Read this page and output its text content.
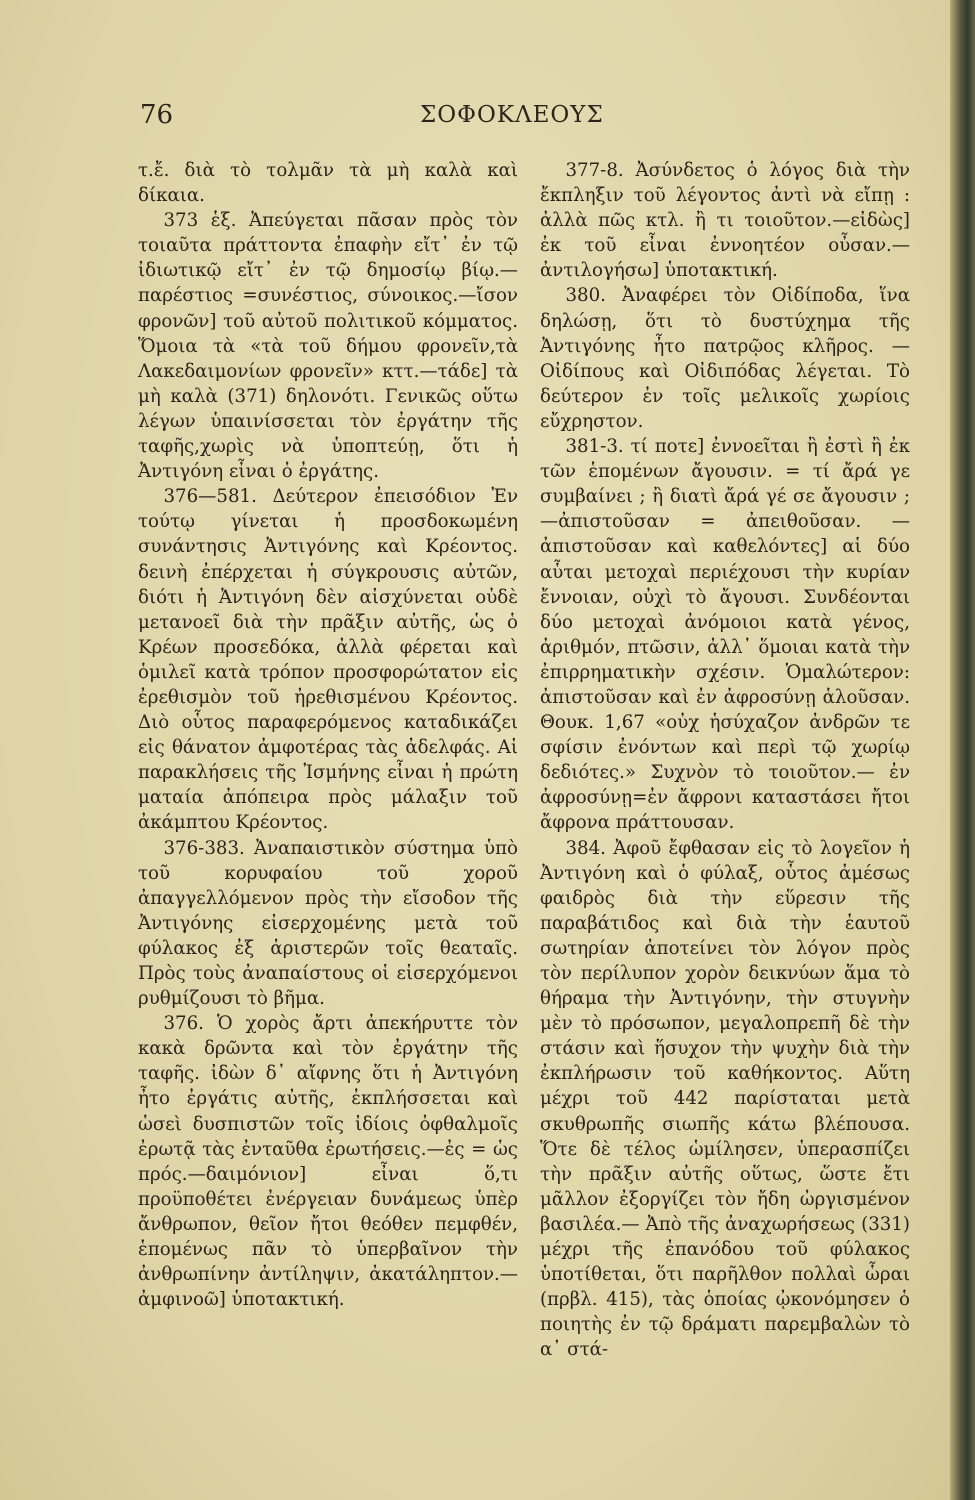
76	ΣΟΦΟΚΛΕΟΥΣ

τ.ἔ. διὰ τὸ τολμᾶν τὰ μὴ καλὰ καὶ δίκαια.

373 ἑξ. Ἀπεύγεται πᾶσαν πρὸς τὸν τοιαῦτα πράττοντα ἐπαφὴν εἴτ᾽ ἐν τῷ ἰδιωτικῷ εἴτ᾽ ἐν τῷ δημοσίῳ βίῳ.—παρέστιος =συνέστιος, σύνοικος.—ἴσον φρονῶν] τοῦ αὐτοῦ πολιτικοῦ κόμματος. Ὅμοια τὰ «τὰ τοῦ δήμου φρονεῖν,τὰ Λακεδαιμονίων φρονεῖν» κττ.—τάδε] τὰ μὴ καλὰ (371) δηλονότι. Γενικῶς οὕτω λέγων ὑπαινίσσεται τὸν ἐργάτην τῆς ταφῆς,χωρὶς νὰ ὑποπτεύῃ, ὅτι ἡ Ἀντιγόνη εἶναι ὁ ἐργάτης.

376—581. Δεύτερον ἐπεισόδιον Ἐν τούτῳ γίνεται ἡ προσδοκωμένη συνάντησις Ἀντιγόνης καὶ Κρέοντος. δεινὴ ἐπέρχεται ἡ σύγκρουσις αὐτῶν, διότι ἡ Ἀντιγόνη δὲν αἰσχύνεται οὐδὲ μετανοεῖ διὰ τὴν πρᾶξιν αὐτῆς, ὡς ὁ Κρέων προσεδόκα, ἀλλὰ φέρεται καὶ ὁμιλεῖ κατὰ τρόπον προσφορώτατον εἰς ἐρεθισμὸν τοῦ ἠρεθισμένου Κρέοντος. Διὸ οὗτος παραφερόμενος καταδικάζει εἰς θάνατον ἀμφοτέρας τὰς ἀδελφάς. Αἱ παρακλήσεις τῆς Ἰσμήνης εἶναι ἡ πρώτη ματαία ἀπόπειρα πρὸς μάλαξιν τοῦ ἀκάμπτου Κρέοντος.

376-383. Ἀναπαιστικὸν σύστημα ὑπὸ τοῦ κορυφαίου τοῦ χοροῦ ἀπαγγελλόμενον πρὸς τὴν εἴσοδον τῆς Ἀντιγόνης εἰσερχομένης μετὰ τοῦ φύλακος ἐξ ἀριστερῶν τοῖς θεαταῖς. Πρὸς τοὺς ἀναπαίστους οἱ εἰσερχόμενοι ρυθμίζουσι τὸ βῆμα.

376. Ὁ χορὸς ἄρτι ἀπεκήρυττε τὸν κακὰ δρῶντα καὶ τὸν ἐργάτην τῆς ταφῆς. ἰδὼν δ᾽ αἴφνης ὅτι ἡ Ἀντιγόνη ἦτο ἐργάτις αὐτῆς, ἐκπλήσσεται καὶ ὡσεὶ δυσπιστῶν τοῖς ἰδίοις ὀφθαλμοῖς ἐρωτᾷ τὰς ἐνταῦθα ἐρωτήσεις.—ἐς = ὡς πρός.—δαιμόνιον] εἶναι ὅ,τι προϋποθέτει ἐνέργειαν δυνάμεως ὑπὲρ ἄνθρωπον, θεῖον ἤτοι θεόθεν πεμφθέν, ἑπομένως πᾶν τὸ ὑπερβαῖνον τὴν ἀνθρωπίνην ἀντίληψιν, ἀκατάληπτον.— ἀμφινοῶ] ὑποτακτική.

377-8. Ἀσύνδετος ὁ λόγος διὰ τὴν ἔκπληξιν τοῦ λέγοντος ἀντὶ νὰ εἴπῃ : ἀλλὰ πῶς κτλ. ἢ τι τοιοῦτον.—εἰδὼς] ἐκ τοῦ εἶναι ἐννοητέον οὖσαν.—ἀντιλογήσω] ὑποτακτική.

380. Ἀναφέρει τὸν Οἰδίποδα, ἵνα δηλώσῃ, ὅτι τὸ δυστύχημα τῆς Ἀντιγόνης ἦτο πατρῷος κλῆρος. — Οἰδίπους καὶ Οἰδιπόδας λέγεται. Τὸ δεύτερον ἐν τοῖς μελικοῖς χωρίοις εὔχρηστον.

381-3. τί ποτε] ἐννοεῖται ἢ ἐστὶ ἢ ἐκ τῶν ἑπομένων ἄγουσιν. = τί ἄρά γε συμβαίνει ; ἢ διατὶ ἄρά γέ σε ἄγουσιν ;—ἀπιστοῦσαν = ἀπειθοῦσαν. — ἀπιστοῦσαν καὶ καθελόντες] αἱ δύο αὗται μετοχαὶ περιέχουσι τὴν κυρίαν ἔννοιαν, οὐχὶ τὸ ἄγουσι. Συνδέονται δύο μετοχαὶ ἀνόμοιοι κατὰ γένος, ἀριθμόν, πτῶσιν, ἀλλ᾽ ὅμοιαι κατὰ τὴν ἐπιρρηματικὴν σχέσιν. Ὁμαλώτερον: ἀπιστοῦσαν καὶ ἐν ἀφροσύνῃ ἁλοῦσαν. Θουκ. 1,67 «οὐχ ἡσύχαζον ἀνδρῶν τε σφίσιν ἐνόντων καὶ περὶ τῷ χωρίῳ δεδιότες.» Συχνὸν τὸ τοιοῦτον.— ἐν ἀφροσύνῃ=ἐν ἄφρονι καταστάσει ἤτοι ἄφρονα πράττουσαν.

384. Ἀφοῦ ἔφθασαν εἰς τὸ λογεῖον ἡ Ἀντιγόνη καὶ ὁ φύλαξ, οὗτος ἀμέσως φαιδρὸς διὰ τὴν εὕρεσιν τῆς παραβάτιδος καὶ διὰ τὴν ἑαυτοῦ σωτηρίαν ἀποτείνει τὸν λόγον πρὸς τὸν περίλυπον χορὸν δεικνύων ἅμα τὸ θήραμα τὴν Ἀντιγόνην, τὴν στυγνὴν μὲν τὸ πρόσωπον, μεγαλοπρεπῆ δὲ τὴν στάσιν καὶ ἥσυχον τὴν ψυχὴν διὰ τὴν ἐκπλήρωσιν τοῦ καθήκοντος. Αὕτη μέχρι τοῦ 442 παρίσταται μετὰ σκυθρωπῆς σιωπῆς κάτω βλέπουσα. Ὅτε δὲ τέλος ὡμίλησεν, ὑπερασπίζει τὴν πρᾶξιν αὐτῆς οὕτως, ὥστε ἔτι μᾶλλον ἐξοργίζει τὸν ἤδη ὠργισμένον βασιλέα.— Ἀπὸ τῆς ἀναχωρήσεως (331) μέχρι τῆς ἐπανόδου τοῦ φύλακος ὑποτίθεται, ὅτι παρῆλθον πολλαὶ ὧραι (πρβλ. 415), τὰς ὁποίας ᾠκονόμησεν ὁ ποιητὴς ἐν τῷ δράματι παρεμβαλὼν τὸ α᾽ στά-
